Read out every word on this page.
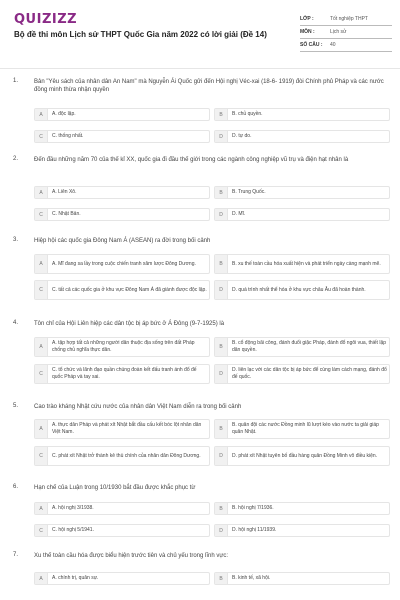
QUIZIZZ
Bộ đề thi môn Lịch sử THPT Quốc Gia năm 2022 có lời giải (Đề 14)
LỚP :	Tốt nghiệp THPT
MÔN :	Lịch sử
SỐ CÂU :	40
1.	Bản "Yêu sách của nhân dân An Nam" mà Nguyễn Ái Quốc gửi đến Hội nghị Véc-xai (18-6- 1919) đòi Chính phủ Pháp và các nước đồng minh thừa nhận quyền
A	A. độc lập.	B	B. chủ quyền.
C	C. thống nhất.	D	D. tự do.
2.	Đến đầu những năm 70 của thế kỉ XX, quốc gia đi đầu thế giới trong các ngành công nghiệp vũ trụ và điện hạt nhân là
A	A. Liên Xô.	B	B. Trung Quốc.
C	C. Nhật Bản.	D	D. Mĩ.
3.	Hiệp hội các quốc gia Đông Nam Á (ASEAN) ra đời trong bối cảnh
A	A. Mĩ đang sa lầy trong cuộc chiến tranh xâm lược Đông Dương.	B	B. xu thế toàn cầu hóa xuất hiện và phát triển ngày càng mạnh mẽ.
C	C. tất cả các quốc gia ở khu vực Đông Nam Á đã giành được độc lập.	D	D. quá trình nhất thể hóa ở khu vực châu Âu đã hoàn thành.
4.	Tôn chỉ của Hội Liên hiệp các dân tộc bị áp bức ở Á Đông (9-7-1925) là
A
A. tập hợp tất cả những người dân thuộc địa sống trên đất Pháp chống chủ nghĩa thực dân.	B
B. cổ động bãi công, đánh đuổi giặc Pháp, đánh đổ ngôi vua, thiết lập dân quyền.
C
C. tổ chức và lãnh đạo quần chúng đoàn kết đấu tranh ánh đổ đế quốc Pháp và tay sai.	D
D. liên lạc với các dân tộc bị áp bức để cùng làm cách mạng, đánh đổ đế quốc.
5.	Cao trào kháng Nhật cứu nước của nhân dân Việt Nam diễn ra trong bối cảnh
A
A. thực dân Pháp và phát xít Nhật bắt đầu cấu kết bóc lột nhân dân Việt Nam.	B
B. quân đội các nước Đồng minh lũ lượt kéo vào nước ta giải giáp quân Nhật.
C	C. phát xít Nhật trở thành kẻ thù chính của nhân dân Đông Dương.	D	D. phát xít Nhật tuyên bố đầu hàng quân Đồng Minh vô điều kiện.
6.	Hạn chế của Luận trong 10/1930 bắt đầu được khắc phục từ
A	A. hội nghị 3/1938.	B	B. hội nghị 7/1936.
C	C. hội nghị 5/1941.	D	D. hội nghị 11/1939.
7.	Xu thế toàn cầu hóa được biểu hiện trước tiên và chủ yếu trong lĩnh vực:
A	A. chính trị, quân sự.	B	B. kinh tế, xã hội.
